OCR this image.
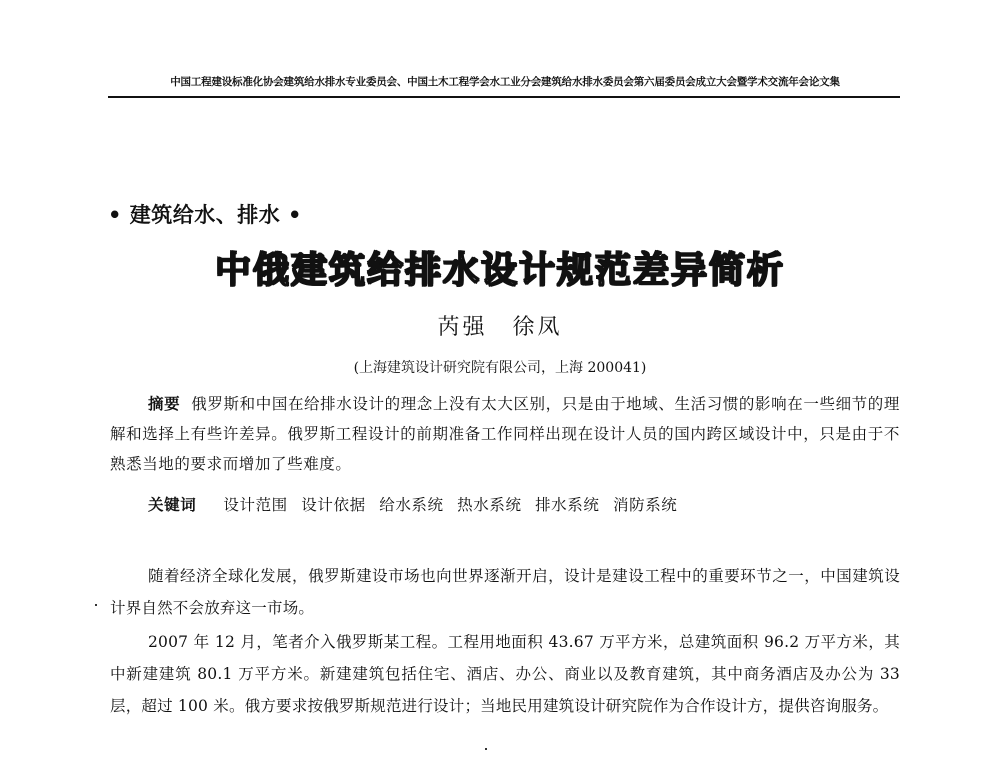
中国工程建设标准化协会建筑给水排水专业委员会、中国土木工程学会水工业分会建筑给水排水委员会第六届委员会成立大会暨学术交流年会论文集
• 建筑给水、排水 •
中俄建筑给排水设计规范差异简析
芮强　徐凤
(上海建筑设计研究院有限公司，上海 200041)
摘要 俄罗斯和中国在给排水设计的理念上没有太大区别，只是由于地域、生活习惯的影响在一些细节的理解和选择上有些许差异。俄罗斯工程设计的前期准备工作同样出现在设计人员的国内跨区域设计中，只是由于不熟悉当地的要求而增加了些难度。
关键词 设计范围 设计依据 给水系统 热水系统 排水系统 消防系统
随着经济全球化发展，俄罗斯建设市场也向世界逐渐开启，设计是建设工程中的重要环节之一，中国建筑设计界自然不会放弃这一市场。
2007 年 12 月，笔者介入俄罗斯某工程。工程用地面积 43.67 万平方米，总建筑面积 96.2 万平方米，其中新建建筑 80.1 万平方米。新建建筑包括住宅、酒店、办公、商业以及教育建筑，其中商务酒店及办公为 33 层，超过 100 米。俄方要求按俄罗斯规范进行设计；当地民用建筑设计研究院作为合作设计方，提供咨询服务。
